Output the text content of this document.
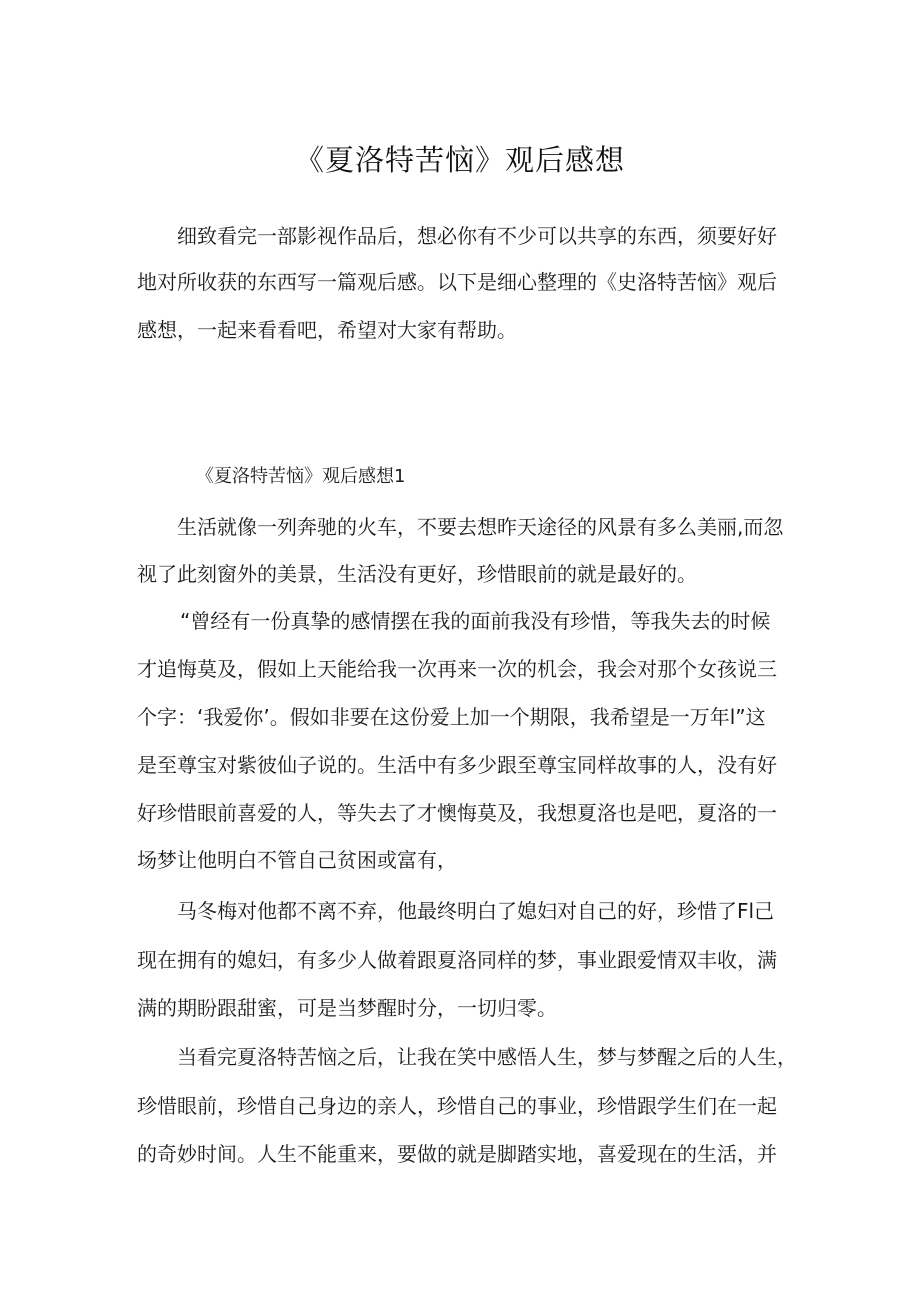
《夏洛特苦恼》观后感想
细致看完一部影视作品后，想必你有不少可以共享的东西，须要好好
地对所收获的东西写一篇观后感。以下是细心整理的《史洛特苦恼》观后
感想，一起来看看吧，希望对大家有帮助。
《夏洛特苦恼》观后感想1
生活就像一列奔驰的火车，不要去想昨天途径的风景有多么美丽,而忽
视了此刻窗外的美景，生活没有更好，珍惜眼前的就是最好的。
“曾经有一份真挚的感情摆在我的面前我没有珍惜，等我失去的时候
才追悔莫及，假如上天能给我一次再来一次的机会，我会对那个女孩说三
个字：‘我爱你’。假如非要在这份爱上加一个期限，我希望是一万年l”这
是至尊宝对紫彼仙子说的。生活中有多少跟至尊宝同样故事的人，没有好
好珍惜眼前喜爱的人，等失去了才懊悔莫及，我想夏洛也是吧，夏洛的一
场梦让他明白不管自己贫困或富有，
马冬梅对他都不离不弃，他最终明白了媳妇对自己的好，珍惜了Fl己
现在拥有的媳妇，有多少人做着跟夏洛同样的梦，事业跟爱情双丰收，满
满的期盼跟甜蜜，可是当梦醒时分，一切归零。
当看完夏洛特苦恼之后，让我在笑中感悟人生，梦与梦醒之后的人生，
珍惜眼前，珍惜自己身边的亲人，珍惜自己的事业，珍惜跟学生们在一起
的奇妙时间。人生不能重来，要做的就是脚踏实地，喜爱现在的生活，并
